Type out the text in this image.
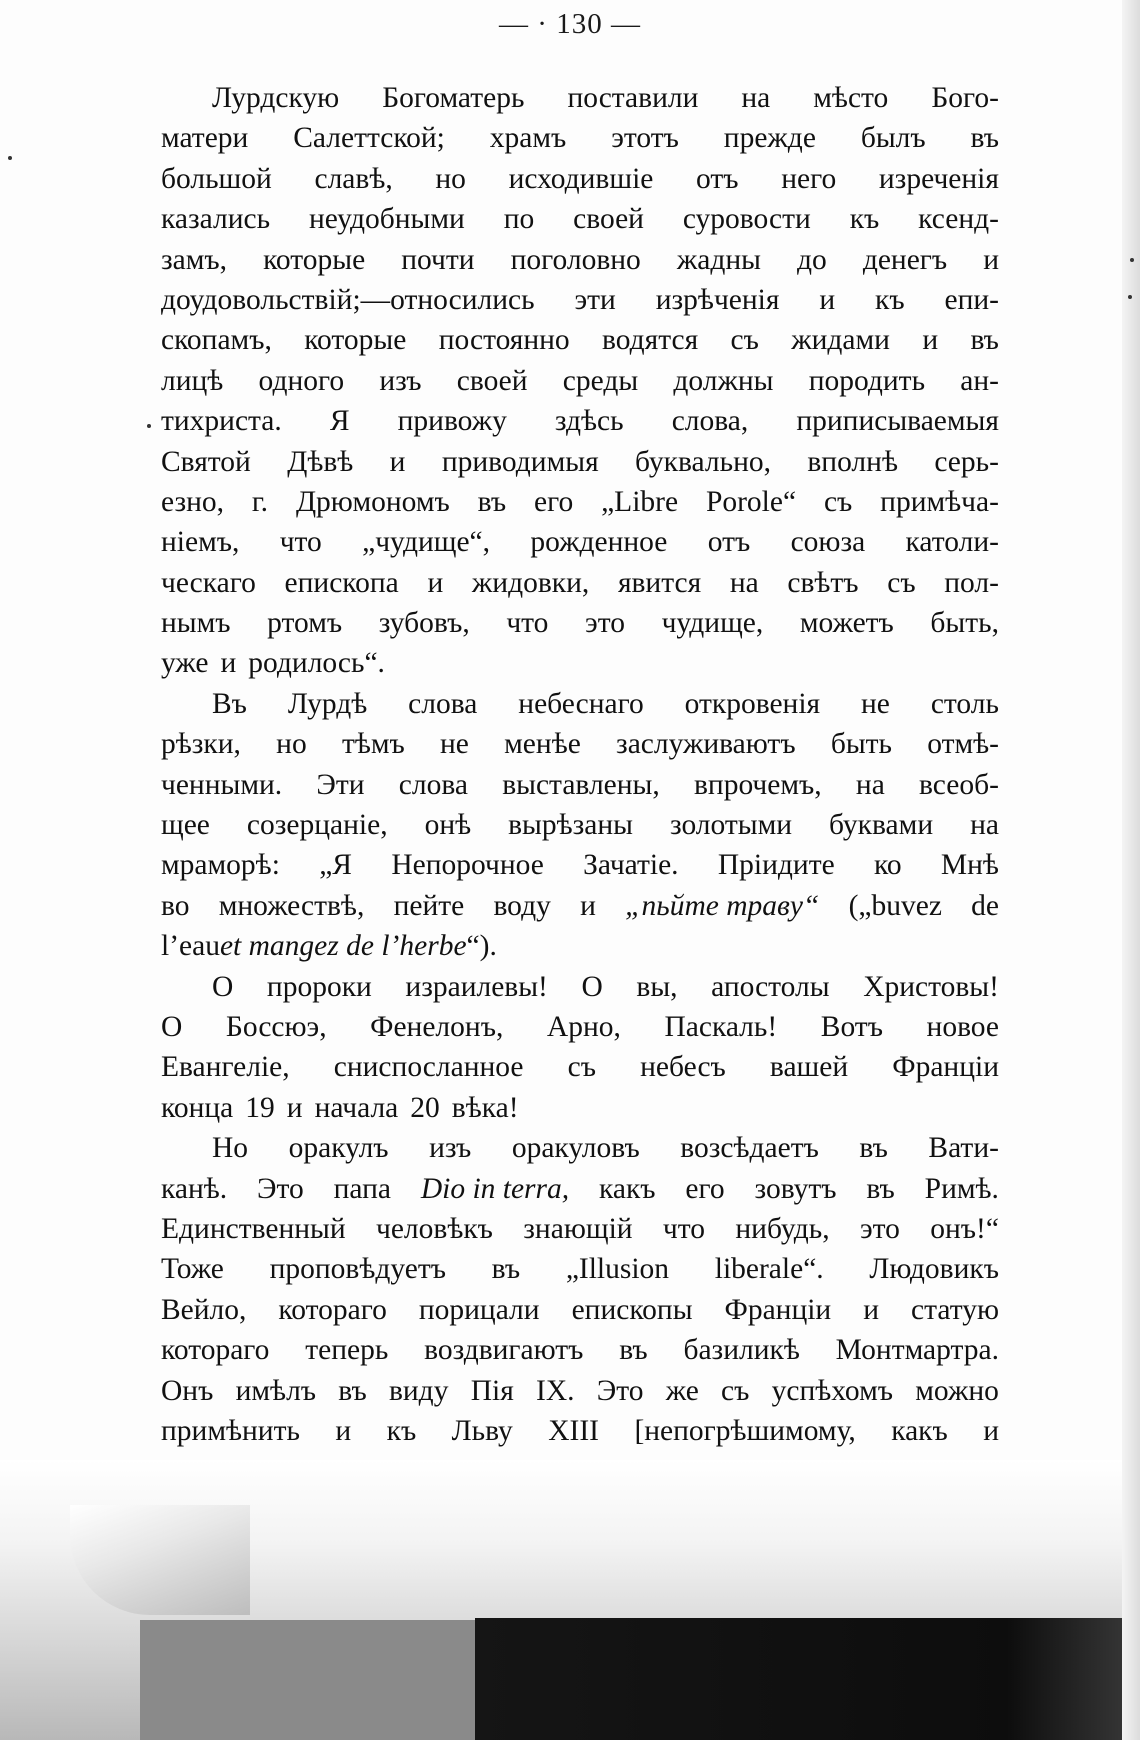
— · 130 —
Лурдскую Богоматерь поставили на мѣсто Бого-
матери Салеттской; храмъ этотъ прежде былъ въ
большой славѣ, но исходившіе отъ него изреченія
казались неудобными по своей суровости къ ксенд-
замъ, которые почти поголовно жадны до денегъ и
доудовольствій;—относились эти изрѣченія и къ епи-
скопамъ, которые постоянно водятся съ жидами и въ
лицѣ одного изъ своей среды должны породить ан-
тихриста. Я привожу здѣсь слова, приписываемыя
Святой Дѣвѣ и приводимыя буквально, вполнѣ серь-
езно, г. Дрюмономъ въ его „Libre Porole“ съ примѣча-
ніемъ, что „чудище“, рожденное отъ союза католи-
ческаго епископа и жидовки, явится на свѣтъ съ пол-
нымъ ртомъ зубовъ, что это чудище, можетъ быть,
уже и родилось“.
Въ Лурдѣ слова небеснаго откровенія не столь
рѣзки, но тѣмъ не менѣе заслуживаютъ быть отмѣ-
ченными. Эти слова выставлены, впрочемъ, на всеоб-
щее созерцаніе, онѣ вырѣзаны золотыми буквами на
мраморѣ: „Я Непорочное Зачатіе. Пріидите ко Мнѣ
во множествѣ, пейте воду и „пьйте траву“ („buvez de
l’eau et mangez de l’herbe “).
О пророки израилевы! О вы, апостолы Христовы!
О Боссюэ, Фенелонъ, Арно, Паскаль! Вотъ новое
Евангеліе, сниспосланное съ небесъ вашей Франціи
конца 19 и начала 20 вѣка!
Но оракулъ изъ оракуловъ возсѣдаетъ въ Вати-
канѣ. Это папа Dio in terra, какъ его зовутъ въ Римѣ.
Единственный человѣкъ знающій что нибудь, это онъ!“
Тоже проповѣдуетъ въ „Illusion liberale“. Людовикъ
Вейло, котораго порицали епископы Франціи и статую
котораго теперь воздвигаютъ въ базиликѣ Монтмартра.
Онъ имѣлъ въ виду Пія IX. Это же съ успѣхомъ можно
примѣнить и къ Льву XIII [непогрѣшимому, какъ и
